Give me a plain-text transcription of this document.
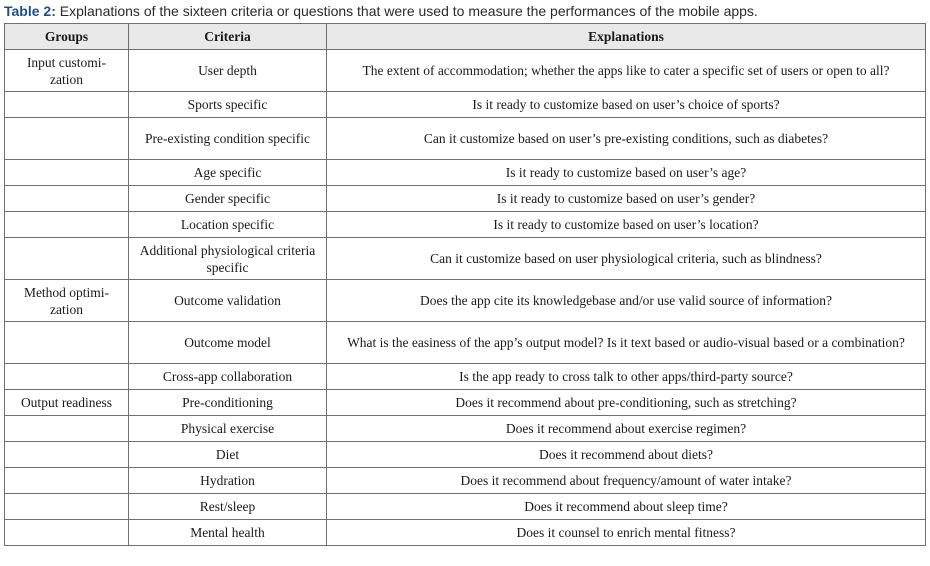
Table 2: Explanations of the sixteen criteria or questions that were used to measure the performances of the mobile apps.
Groups	Criteria	Explanations
Input customi-zation	User depth	The extent of accommodation; whether the apps like to cater a specific set of users or open to all?
	Sports specific	Is it ready to customize based on user’s choice of sports?
	Pre-existing condition specific	Can it customize based on user’s pre-existing conditions, such as diabetes?
	Age specific	Is it ready to customize based on user’s age?
	Gender specific	Is it ready to customize based on user’s gender?
	Location specific	Is it ready to customize based on user’s location?
	Additional physiological criteria specific	Can it customize based on user physiological criteria, such as blindness?
Method optimi-zation	Outcome validation	Does the app cite its knowledgebase and/or use valid source of information?
	Outcome model	What is the easiness of the app’s output model? Is it text based or audio-visual based or a combination?
	Cross-app collaboration	Is the app ready to cross talk to other apps/third-party source?
Output readiness	Pre-conditioning	Does it recommend about pre-conditioning, such as stretching?
	Physical exercise	Does it recommend about exercise regimen?
	Diet	Does it recommend about diets?
	Hydration	Does it recommend about frequency/amount of water intake?
	Rest/sleep	Does it recommend about sleep time?
	Mental health	Does it counsel to enrich mental fitness?
